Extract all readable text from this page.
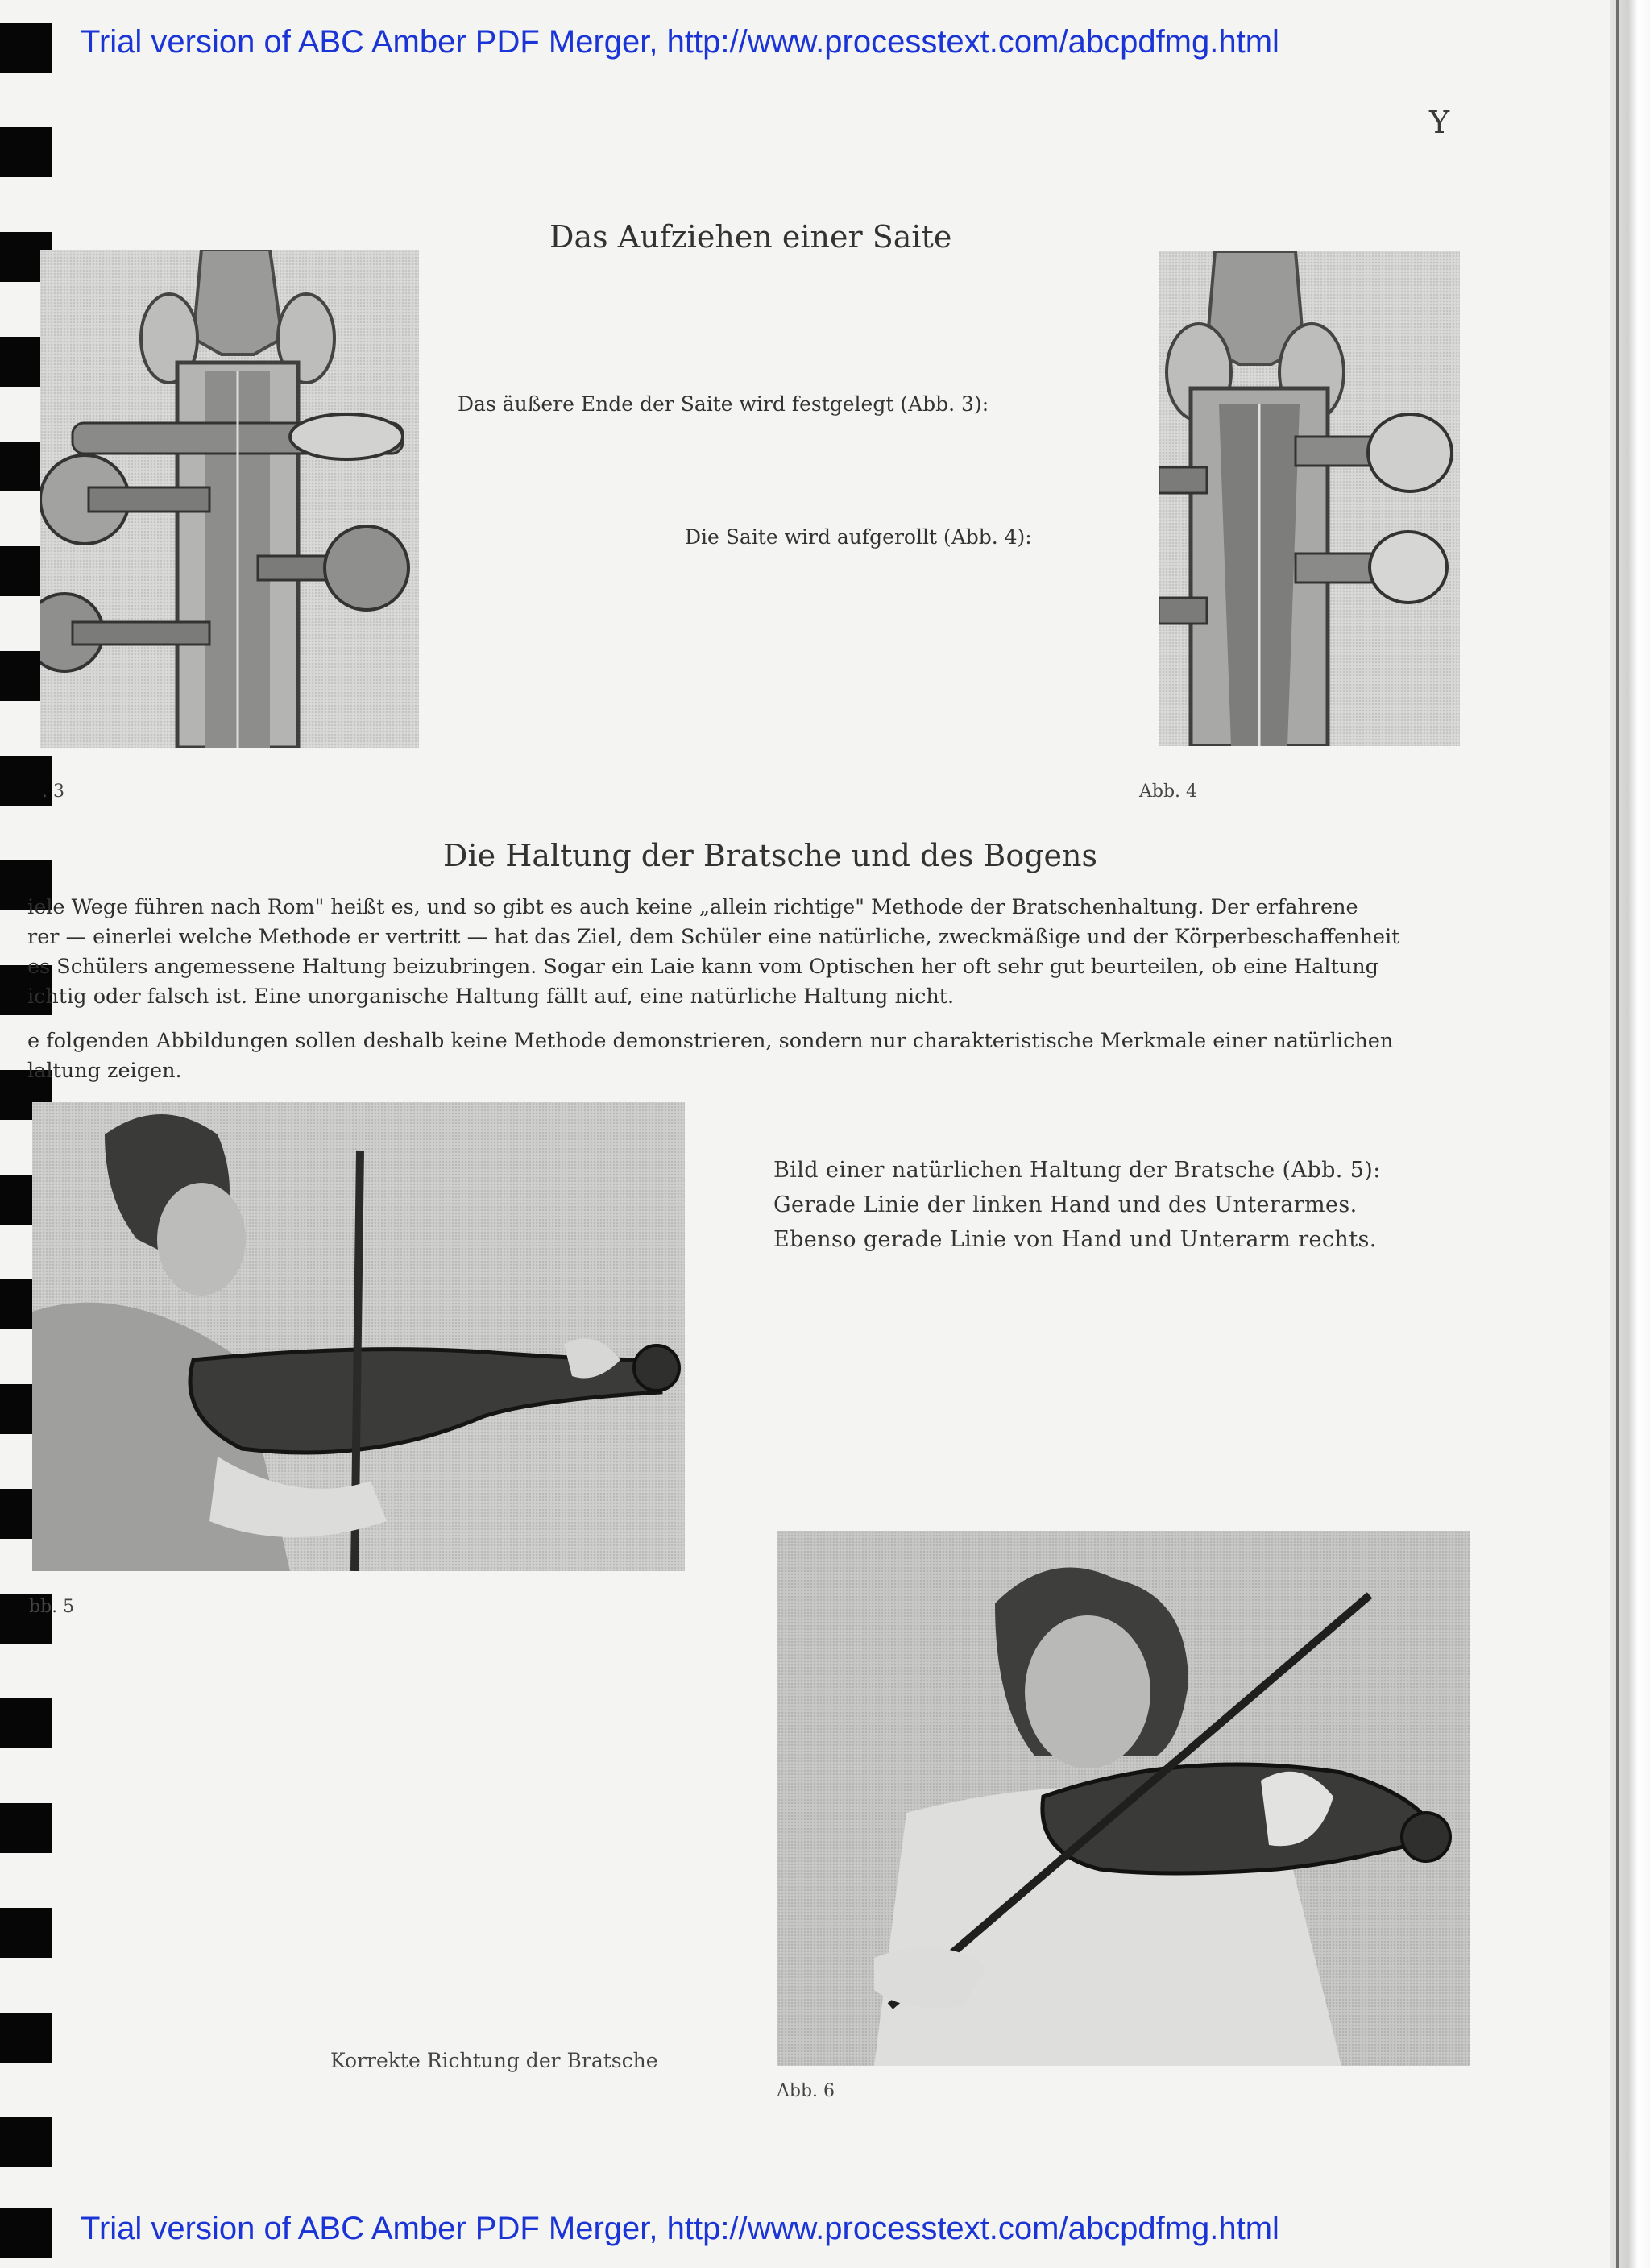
Trial version of ABC Amber PDF Merger, http://www.processtext.com/abcpdfmg.html
Y
Das Aufziehen einer Saite
Das äußere Ende der Saite wird festgelegt (Abb. 3):
Die Saite wird aufgerollt (Abb. 4):
. 3	Abb. 4
Die Haltung der Bratsche und des Bogens
iele Wege führen nach Rom" heißt es, und so gibt es auch keine „allein richtige" Methode der Bratschenhaltung. Der erfahrene
rer — einerlei welche Methode er vertritt — hat das Ziel, dem Schüler eine natürliche, zweckmäßige und der Körperbeschaffenheit
es Schülers angemessene Haltung beizubringen. Sogar ein Laie kann vom Optischen her oft sehr gut beurteilen, ob eine Haltung
ichtig oder falsch ist. Eine unorganische Haltung fällt auf, eine natürliche Haltung nicht.
e folgenden Abbildungen sollen deshalb keine Methode demonstrieren, sondern nur charakteristische Merkmale einer natürlichen
laltung zeigen.
Bild einer natürlichen Haltung der Bratsche (Abb. 5):
Gerade Linie der linken Hand und des Unterarmes.
Ebenso gerade Linie von Hand und Unterarm rechts.
bb. 5
Korrekte Richtung der Bratsche
Abb. 6
Trial version of ABC Amber PDF Merger, http://www.processtext.com/abcpdfmg.html
